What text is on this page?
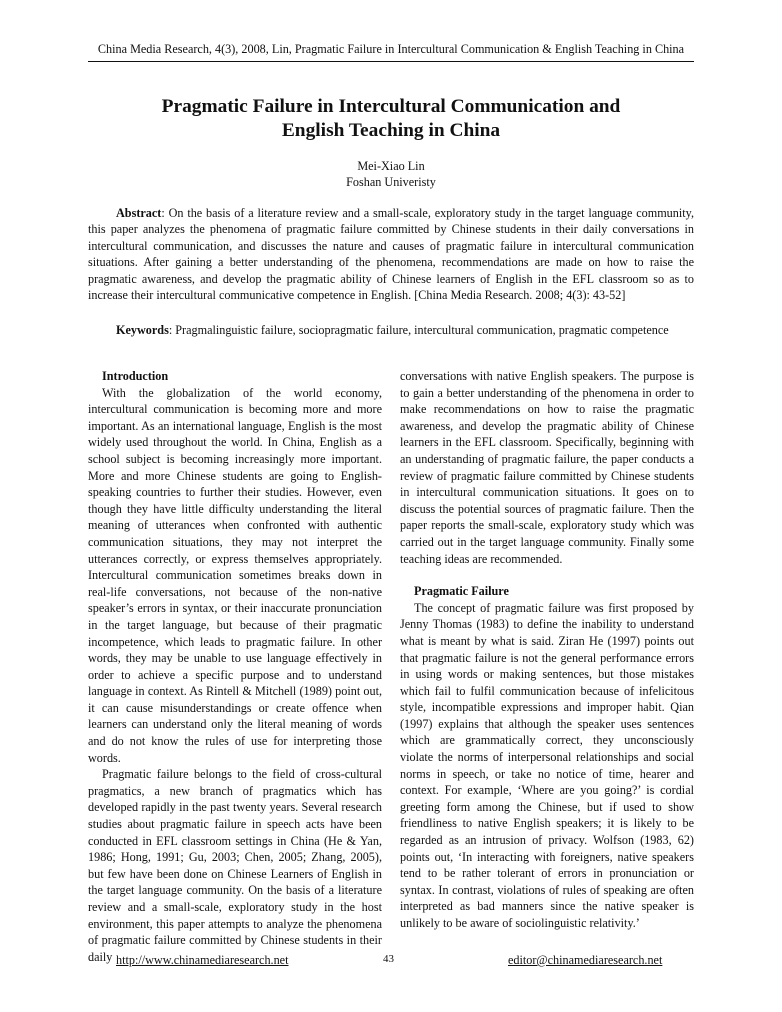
China Media Research, 4(3), 2008, Lin, Pragmatic Failure in Intercultural Communication & English Teaching in China
Pragmatic Failure in Intercultural Communication and
English Teaching in China
Mei-Xiao Lin
Foshan Univeristy

Abstract: On the basis of a literature review and a small-scale, exploratory study in the target language community, this paper analyzes the phenomena of pragmatic failure committed by Chinese students in their daily conversations in intercultural communication, and discusses the nature and causes of pragmatic failure in intercultural communication situations. After gaining a better understanding of the phenomena, recommendations are made on how to raise the pragmatic awareness, and develop the pragmatic ability of Chinese learners of English in the EFL classroom so as to increase their intercultural communicative competence in English. [China Media Research. 2008; 4(3): 43-52]

Keywords: Pragmalinguistic failure, sociopragmatic failure, intercultural communication, pragmatic competence

Introduction

With the globalization of the world economy, intercultural communication is becoming more and more important. As an international language, English is the most widely used throughout the world. In China, English as a school subject is becoming increasingly more important. More and more Chinese students are going to English-speaking countries to further their studies. However, even though they have little difficulty understanding the literal meaning of utterances when confronted with authentic communication situations, they may not interpret the utterances correctly, or express themselves appropriately. Intercultural communication sometimes breaks down in real-life conversations, not because of the non-native speaker’s errors in syntax, or their inaccurate pronunciation in the target language, but because of their pragmatic incompetence, which leads to pragmatic failure. In other words, they may be unable to use language effectively in order to achieve a specific purpose and to understand language in context. As Rintell & Mitchell (1989) point out, it can cause misunderstandings or create offence when learners can understand only the literal meaning of words and do not know the rules of use for interpreting those words.

Pragmatic failure belongs to the field of cross-cultural pragmatics, a new branch of pragmatics which has developed rapidly in the past twenty years. Several research studies about pragmatic failure in speech acts have been conducted in EFL classroom settings in China (He & Yan, 1986; Hong, 1991; Gu, 2003; Chen, 2005; Zhang, 2005), but few have been done on Chinese Learners of English in the target language community. On the basis of a literature review and a small-scale, exploratory study in the host environment, this paper attempts to analyze the phenomena of pragmatic failure committed by Chinese students in their daily

conversations with native English speakers. The purpose is to gain a better understanding of the phenomena in order to make recommendations on how to raise the pragmatic awareness, and develop the pragmatic ability of Chinese learners in the EFL classroom. Specifically, beginning with an understanding of pragmatic failure, the paper conducts a review of pragmatic failure committed by Chinese students in intercultural communication situations. It goes on to discuss the potential sources of pragmatic failure. Then the paper reports the small-scale, exploratory study which was carried out in the target language community. Finally some teaching ideas are recommended.

Pragmatic Failure

The concept of pragmatic failure was first proposed by Jenny Thomas (1983) to define the inability to understand what is meant by what is said. Ziran He (1997) points out that pragmatic failure is not the general performance errors in using words or making sentences, but those mistakes which fail to fulfil communication because of infelicitous style, incompatible expressions and improper habit. Qian (1997) explains that although the speaker uses sentences which are grammatically correct, they unconsciously violate the norms of interpersonal relationships and social norms in speech, or take no notice of time, hearer and context. For example, ‘Where are you going?’ is cordial greeting form among the Chinese, but if used to show friendliness to native English speakers; it is likely to be regarded as an intrusion of privacy. Wolfson (1983, 62) points out, ‘In interacting with foreigners, native speakers tend to be rather tolerant of errors in pronunciation or syntax. In contrast, violations of rules of speaking are often interpreted as bad manners since the native speaker is unlikely to be aware of sociolinguistic relativity.’

http://www.chinamediaresearch.net	43	editor@chinamediaresearch.net
